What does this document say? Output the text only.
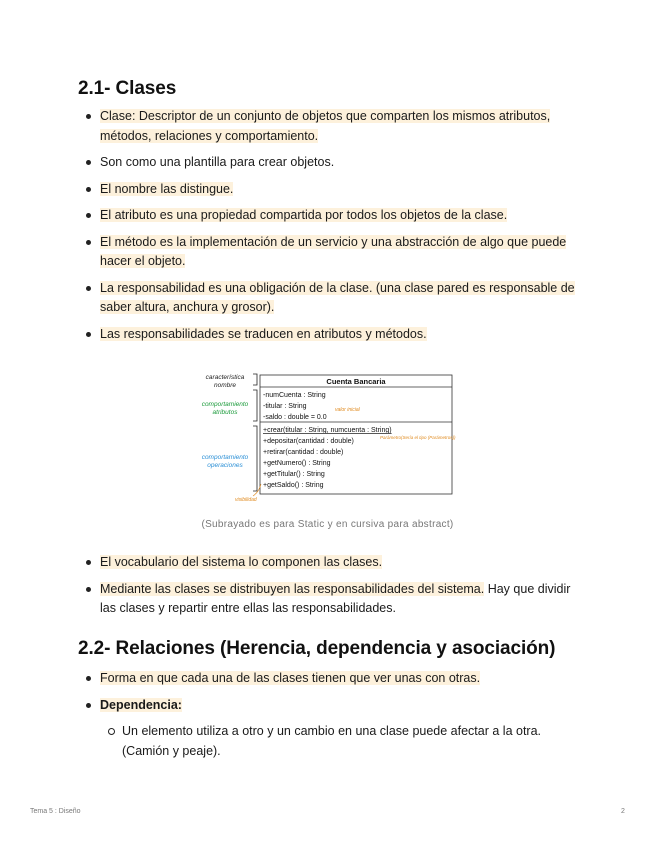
2.1- Clases
Clase: Descriptor de un conjunto de objetos que comparten los mismos atributos, métodos, relaciones y comportamiento.
Son como una plantilla para crear objetos.
El nombre las distingue.
El atributo es una propiedad compartida por todos los objetos de la clase.
El método es la implementación de un servicio y una abstracción de algo que puede hacer el objeto.
La responsabilidad es una obligación de la clase. (una clase pared es responsable de saber altura, anchura y grosor).
Las responsabilidades se traducen en atributos y métodos.
característica nombre
comportamiento atributos
comportamiento operaciones
Cuenta Bancaria
-numCuenta : String
-titular : String
-saldo : double = 0.0
+crear(titular : String, numcuenta : String)
+depositar(cantidad : double)
+retirar(cantidad : double)
+getNumero() : String
+getTitular() : String
+getSaldo() : String
valor inicial
Parámetro(Sería el tipo (Parámetros))
visibilidad
(Subrayado es para Static y en cursiva para abstract)
El vocabulario del sistema lo componen las clases.
Mediante las clases se distribuyen las responsabilidades del sistema. Hay que dividir las clases y repartir entre ellas las responsabilidades.
2.2- Relaciones (Herencia, dependencia y asociación)
Forma en que cada una de las clases tienen que ver unas con otras.
Dependencia:
Un elemento utiliza a otro y un cambio en una clase puede afectar a la otra. (Camión y peaje).
Tema 5 : Diseño	2
